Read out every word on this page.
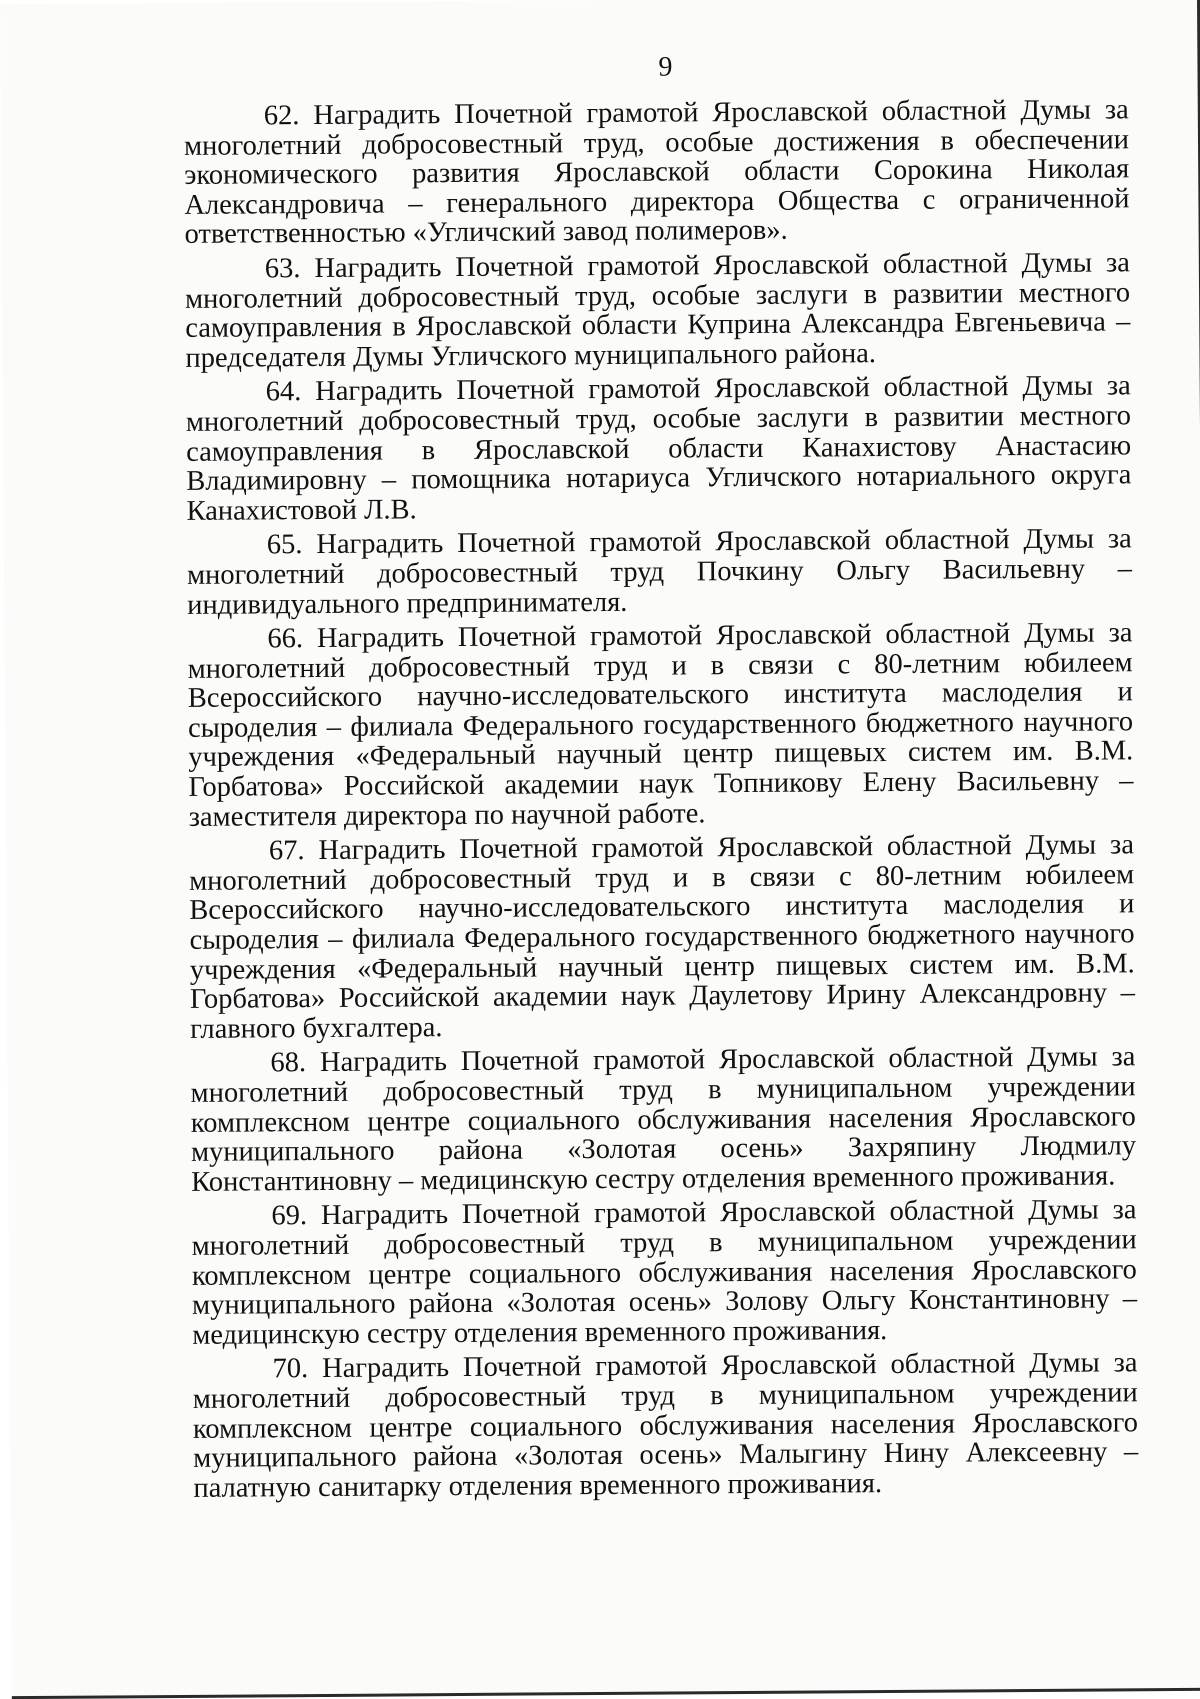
9

62. Наградить Почетной грамотой Ярославской областной Думы за многолетний добросовестный труд, особые достижения в обеспечении экономического развития Ярославской области Сорокина Николая Александровича – генерального директора Общества с ограниченной ответственностью «Угличский завод полимеров».

63. Наградить Почетной грамотой Ярославской областной Думы за многолетний добросовестный труд, особые заслуги в развитии местного самоуправления в Ярославской области Куприна Александра Евгеньевича – председателя Думы Угличского муниципального района.

64. Наградить Почетной грамотой Ярославской областной Думы за многолетний добросовестный труд, особые заслуги в развитии местного самоуправления в Ярославской области Канахистову Анастасию Владимировну – помощника нотариуса Угличского нотариального округа Канахистовой Л.В.

65. Наградить Почетной грамотой Ярославской областной Думы за многолетний добросовестный труд Почкину Ольгу Васильевну – индивидуального предпринимателя.

66. Наградить Почетной грамотой Ярославской областной Думы за многолетний добросовестный труд и в связи с 80-летним юбилеем Всероссийского научно-исследовательского института маслоделия и сыроделия – филиала Федерального государственного бюджетного научного учреждения «Федеральный научный центр пищевых систем им. В.М. Горбатова» Российской академии наук Топникову Елену Васильевну – заместителя директора по научной работе.

67. Наградить Почетной грамотой Ярославской областной Думы за многолетний добросовестный труд и в связи с 80-летним юбилеем Всероссийского научно-исследовательского института маслоделия и сыроделия – филиала Федерального государственного бюджетного научного учреждения «Федеральный научный центр пищевых систем им. В.М. Горбатова» Российской академии наук Даулетову Ирину Александровну – главного бухгалтера.

68. Наградить Почетной грамотой Ярославской областной Думы за многолетний добросовестный труд в муниципальном учреждении комплексном центре социального обслуживания населения Ярославского муниципального района «Золотая осень» Захряпину Людмилу Константиновну – медицинскую сестру отделения временного проживания.

69. Наградить Почетной грамотой Ярославской областной Думы за многолетний добросовестный труд в муниципальном учреждении комплексном центре социального обслуживания населения Ярославского муниципального района «Золотая осень» Золову Ольгу Константиновну – медицинскую сестру отделения временного проживания.

70. Наградить Почетной грамотой Ярославской областной Думы за многолетний добросовестный труд в муниципальном учреждении комплексном центре социального обслуживания населения Ярославского муниципального района «Золотая осень» Малыгину Нину Алексеевну – палатную санитарку отделения временного проживания.
